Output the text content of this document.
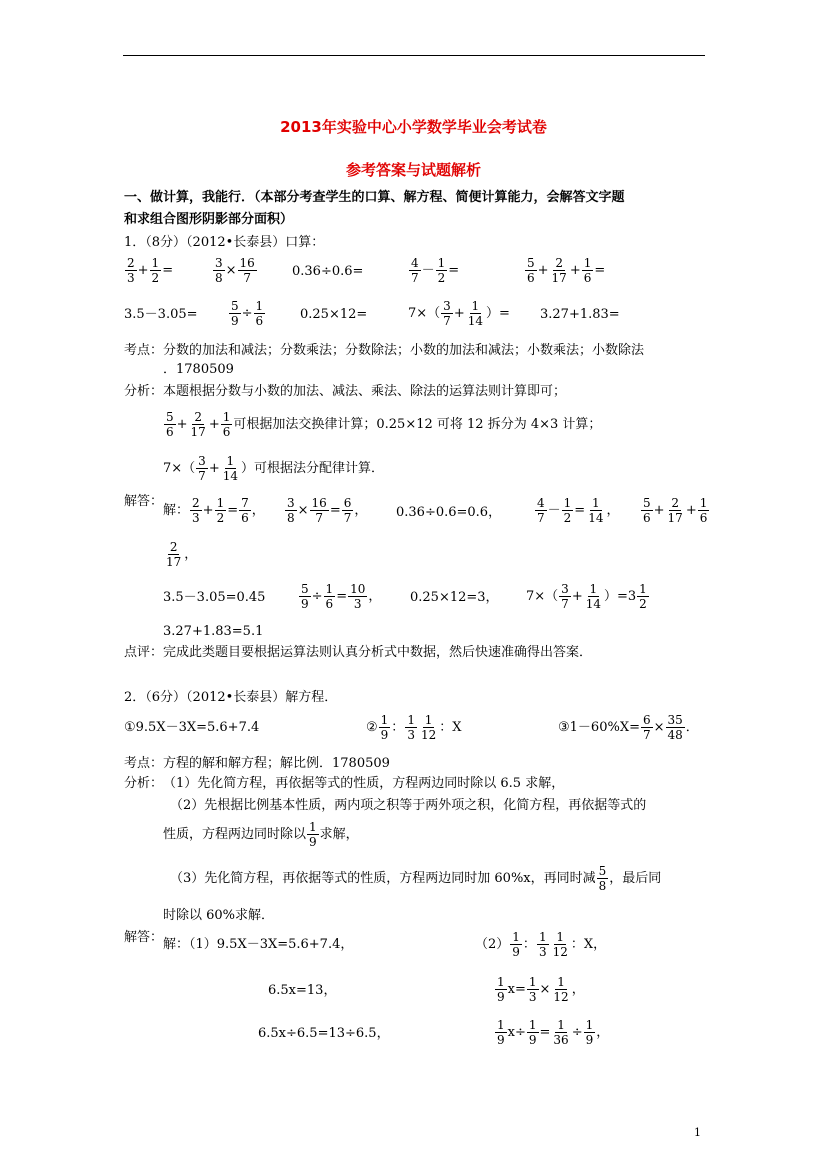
2013年实验中心小学数学毕业会考试卷
参考答案与试题解析
一、做计算，我能行．（本部分考查学生的口算、解方程、简便计算能力，会解答文字题
和求组合图形阴影部分面积）
1．（8分）（2012•长泰县）口算：
$\frac{2}{3} + \frac{1}{2}$ =	$\frac{3}{8} \times \frac{16}{7}$	0.36÷0.6=	$\frac{4}{7} - \frac{1}{2}$ =	$\frac{5}{6} + \frac{2}{17} + \frac{1}{6}$ =
3.5－3.05=	$\frac{5}{9} \div \frac{1}{6}$	0.25×12=	$7\times( \frac{3}{7} + \frac{1}{14}$ ）= 3.27+1.83=
考点： 分数的加法和减法；分数乘法；分数除法；小数的加法和减法；小数乘法；小数除法
．1780509
分析： 本题根据分数与小数的加法、减法、乘法、除法的运算法则计算即可；
$\frac{5}{6} + \frac{2}{17} + \frac{1}{6}$ 可根据加法交换律计算；0.25×12 可将 12 拆分为 4×3 计算；
$7\times( \frac{3}{7} + \frac{1}{14}$ ）可根据法分配律计算．
解答：
解： $\frac{2}{3} + \frac{1}{2} = \frac{7}{6}$ ， $\frac{3}{8} \times \frac{16}{7} = \frac{6}{7}$ ， 0.36÷0.6=0.6，	$\frac{4}{7} - \frac{1}{2} = \frac{1}{14}$ ， $\frac{5}{6} + \frac{2}{17} + \frac{1}{6}$
$\frac{2}{17}$ ，
3.5－3.05=0.45	$\frac{5}{9} \div \frac{1}{6} = \frac{10}{3}$ ， 0.25×12=3， $7\times( \frac{3}{7} + \frac{1}{14} )=3 \frac{1}{2}$
3.27+1.83=5.1
点评： 完成此类题目要根据运算法则认真分析式中数据，然后快速准确得出答案．
2．（6分）（2012•长泰县）解方程．
①9.5X－3X=5.6+7.4	② $\frac{1}{9}$ ： $\frac{1}{3} \frac{1}{12}$ ：X	③1－60%X= $\frac{6}{7} \times \frac{35}{48}$ ．
考点： 方程的解和解方程；解比例．1780509
分析： （1）先化简方程，再依据等式的性质，方程两边同时除以 6.5 求解，
（2）先根据比例基本性质，两内项之积等于两外项之积，化简方程，再依据等式的
性质，方程两边同时除以 $\frac{1}{9}$ 求解，
（3）先化简方程，再依据等式的性质，方程两边同时加 60%x，再同时减 $\frac{5}{8}$ ，最后同
时除以 60%求解．
解答： 解：（1）9.5X－3X=5.6+7.4，
6.5x=13，
6.5x÷6.5=13÷6.5，
$(2) \frac{1}{9}$ ： $\frac{1}{3} \frac{1}{12}$ ：X，
$\frac{1}{9} x= \frac{1}{3} \times \frac{1}{12}$ ，
$\frac{1}{9} x\div \frac{1}{9} = \frac{1}{36} \div \frac{1}{9}$ ，
1
